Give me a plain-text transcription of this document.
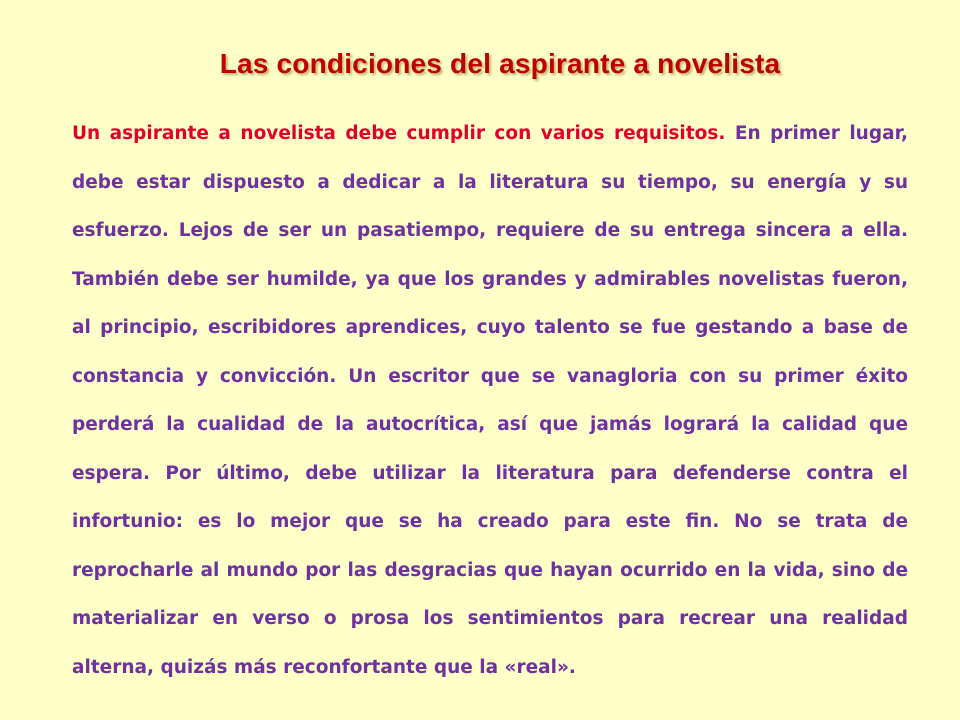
Las condiciones del aspirante a novelista

Un aspirante a novelista debe cumplir con varios requisitos. En primer lugar, debe estar dispuesto a dedicar a la literatura su tiempo, su energía y su esfuerzo. Lejos de ser un pasatiempo, requiere de su entrega sincera a ella. También debe ser humilde, ya que los grandes y admirables novelistas fueron, al principio, escribidores aprendices, cuyo talento se fue gestando a base de constancia y convicción. Un escritor que se vanagloria con su primer éxito perderá la cualidad de la autocrítica, así que jamás logrará la calidad que espera. Por último, debe utilizar la literatura para defenderse contra el infortunio: es lo mejor que se ha creado para este fin. No se trata de reprocharle al mundo por las desgracias que hayan ocurrido en la vida, sino de materializar en verso o prosa los sentimientos para recrear una realidad alterna, quizás más reconfortante que la «real».
